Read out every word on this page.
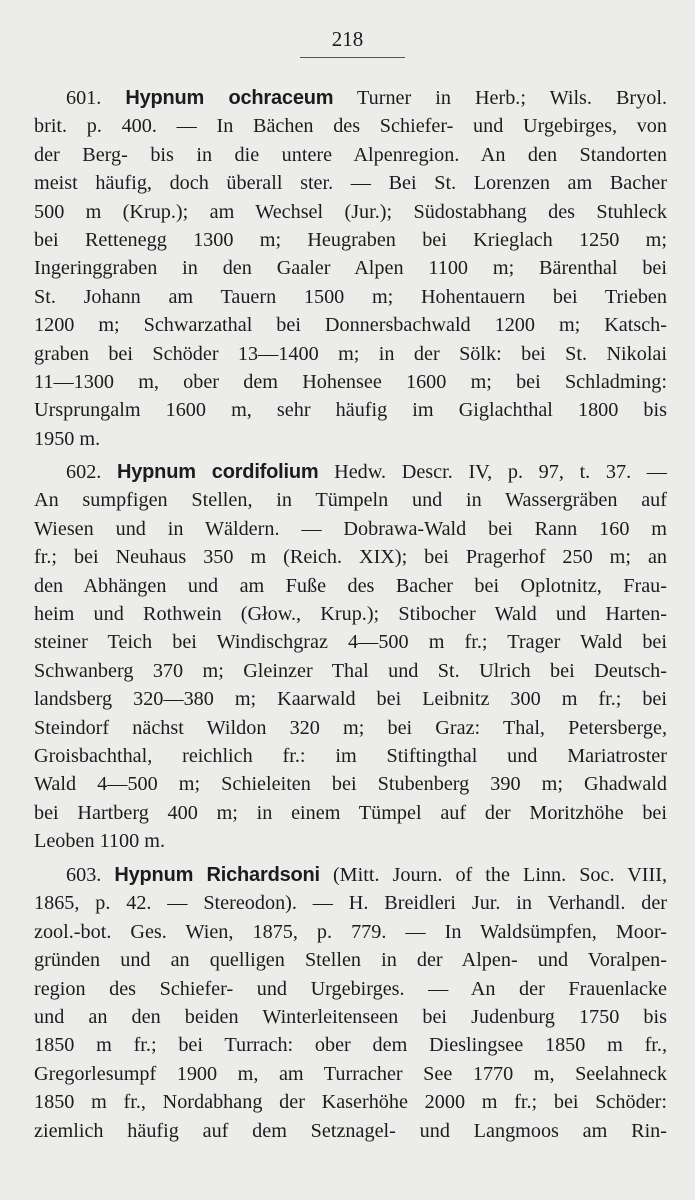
218
601. Hypnum ochraceum Turner in Herb.; Wils. Bryol.
brit. p. 400. — In Bächen des Schiefer- und Urgebirges, von
der Berg- bis in die untere Alpenregion. An den Standorten
meist häufig, doch überall ster. — Bei St. Lorenzen am Bacher
500 m (Krup.); am Wechsel (Jur.); Südostabhang des Stuhleck
bei Rettenegg 1300 m; Heugraben bei Krieglach 1250 m;
Ingeringgraben in den Gaaler Alpen 1100 m; Bärenthal bei
St. Johann am Tauern 1500 m; Hohentauern bei Trieben
1200 m; Schwarzathal bei Donnersbachwald 1200 m; Katsch-
graben bei Schöder 13—1400 m; in der Sölk: bei St. Nikolai
11—1300 m, ober dem Hohensee 1600 m; bei Schladming:
Ursprungalm 1600 m, sehr häufig im Giglachthal 1800 bis
1950 m.
602. Hypnum cordifolium Hedw. Descr. IV, p. 97, t. 37. —
An sumpfigen Stellen, in Tümpeln und in Wassergräben auf
Wiesen und in Wäldern. — Dobrawa-Wald bei Rann 160 m
fr.; bei Neuhaus 350 m (Reich. XIX); bei Pragerhof 250 m; an
den Abhängen und am Fuße des Bacher bei Oplotnitz, Frau-
heim und Rothwein (Głow., Krup.); Stibocher Wald und Harten-
steiner Teich bei Windischgraz 4—500 m fr.; Trager Wald bei
Schwanberg 370 m; Gleinzer Thal und St. Ulrich bei Deutsch-
landsberg 320—380 m; Kaarwald bei Leibnitz 300 m fr.; bei
Steindorf nächst Wildon 320 m; bei Graz: Thal, Petersberge,
Groisbachthal, reichlich fr.: im Stiftingthal und Mariatroster
Wald 4—500 m; Schieleiten bei Stubenberg 390 m; Ghadwald
bei Hartberg 400 m; in einem Tümpel auf der Moritzhöhe bei
Leoben 1100 m.
603. Hypnum Richardsoni (Mitt. Journ. of the Linn. Soc. VIII,
1865, p. 42. — Stereodon). — H. Breidleri Jur. in Verhandl. der
zool.-bot. Ges. Wien, 1875, p. 779. — In Waldsümpfen, Moor-
gründen und an quelligen Stellen in der Alpen- und Voralpen-
region des Schiefer- und Urgebirges. — An der Frauenlacke
und an den beiden Winterleitenseen bei Judenburg 1750 bis
1850 m fr.; bei Turrach: ober dem Dieslingsee 1850 m fr.,
Gregorlesumpf 1900 m, am Turracher See 1770 m, Seelahneck
1850 m fr., Nordabhang der Kaserhöhe 2000 m fr.; bei Schöder:
ziemlich häufig auf dem Setznagel- und Langmoos am Rin-
